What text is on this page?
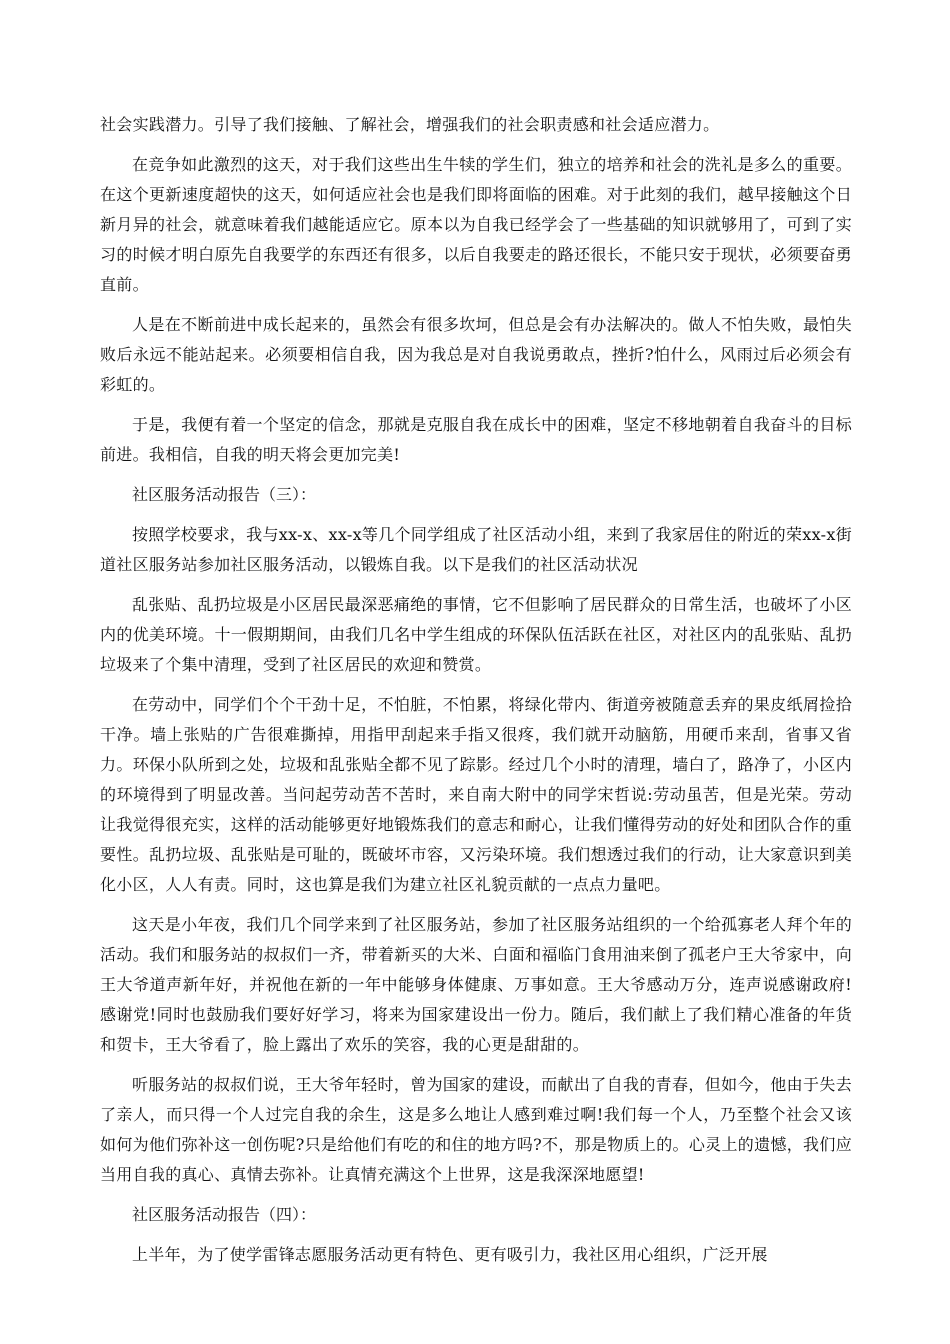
社会实践潜力。引导了我们接触、了解社会，增强我们的社会职责感和社会适应潜力。

在竞争如此激烈的这天，对于我们这些出生牛犊的学生们，独立的培养和社会的洗礼是多么的重要。在这个更新速度超快的这天，如何适应社会也是我们即将面临的困难。对于此刻的我们，越早接触这个日新月异的社会，就意味着我们越能适应它。原本以为自我已经学会了一些基础的知识就够用了，可到了实习的时候才明白原先自我要学的东西还有很多，以后自我要走的路还很长，不能只安于现状，必须要奋勇直前。

人是在不断前进中成长起来的，虽然会有很多坎坷，但总是会有办法解决的。做人不怕失败，最怕失败后永远不能站起来。必须要相信自我，因为我总是对自我说勇敢点，挫折?怕什么，风雨过后必须会有彩虹的。

于是，我便有着一个坚定的信念，那就是克服自我在成长中的困难，坚定不移地朝着自我奋斗的目标前进。我相信，自我的明天将会更加完美!

社区服务活动报告（三）：

按照学校要求，我与xx-x、xx-x等几个同学组成了社区活动小组，来到了我家居住的附近的荣xx-x街道社区服务站参加社区服务活动，以锻炼自我。以下是我们的社区活动状况

乱张贴、乱扔垃圾是小区居民最深恶痛绝的事情，它不但影响了居民群众的日常生活，也破坏了小区内的优美环境。十一假期期间，由我们几名中学生组成的环保队伍活跃在社区，对社区内的乱张贴、乱扔垃圾来了个集中清理，受到了社区居民的欢迎和赞赏。

在劳动中，同学们个个干劲十足，不怕脏，不怕累，将绿化带内、街道旁被随意丢弃的果皮纸屑捡拾干净。墙上张贴的广告很难撕掉，用指甲刮起来手指又很疼，我们就开动脑筋，用硬币来刮，省事又省力。环保小队所到之处，垃圾和乱张贴全都不见了踪影。经过几个小时的清理，墙白了，路净了，小区内的环境得到了明显改善。当问起劳动苦不苦时，来自南大附中的同学宋哲说:劳动虽苦，但是光荣。劳动让我觉得很充实，这样的活动能够更好地锻炼我们的意志和耐心，让我们懂得劳动的好处和团队合作的重要性。乱扔垃圾、乱张贴是可耻的，既破坏市容，又污染环境。我们想透过我们的行动，让大家意识到美化小区，人人有责。同时，这也算是我们为建立社区礼貌贡献的一点点力量吧。

这天是小年夜，我们几个同学来到了社区服务站，参加了社区服务站组织的一个给孤寡老人拜个年的活动。我们和服务站的叔叔们一齐，带着新买的大米、白面和福临门食用油来倒了孤老户王大爷家中，向王大爷道声新年好，并祝他在新的一年中能够身体健康、万事如意。王大爷感动万分，连声说感谢政府!感谢党!同时也鼓励我们要好好学习，将来为国家建设出一份力。随后，我们献上了我们精心准备的年货和贺卡，王大爷看了，脸上露出了欢乐的笑容，我的心更是甜甜的。

听服务站的叔叔们说，王大爷年轻时，曾为国家的建设，而献出了自我的青春，但如今，他由于失去了亲人，而只得一个人过完自我的余生，这是多么地让人感到难过啊!我们每一个人，乃至整个社会又该如何为他们弥补这一创伤呢?只是给他们有吃的和住的地方吗?不，那是物质上的。心灵上的遗憾，我们应当用自我的真心、真情去弥补。让真情充满这个上世界，这是我深深地愿望!

社区服务活动报告（四）：

上半年，为了使学雷锋志愿服务活动更有特色、更有吸引力，我社区用心组织，广泛开展
